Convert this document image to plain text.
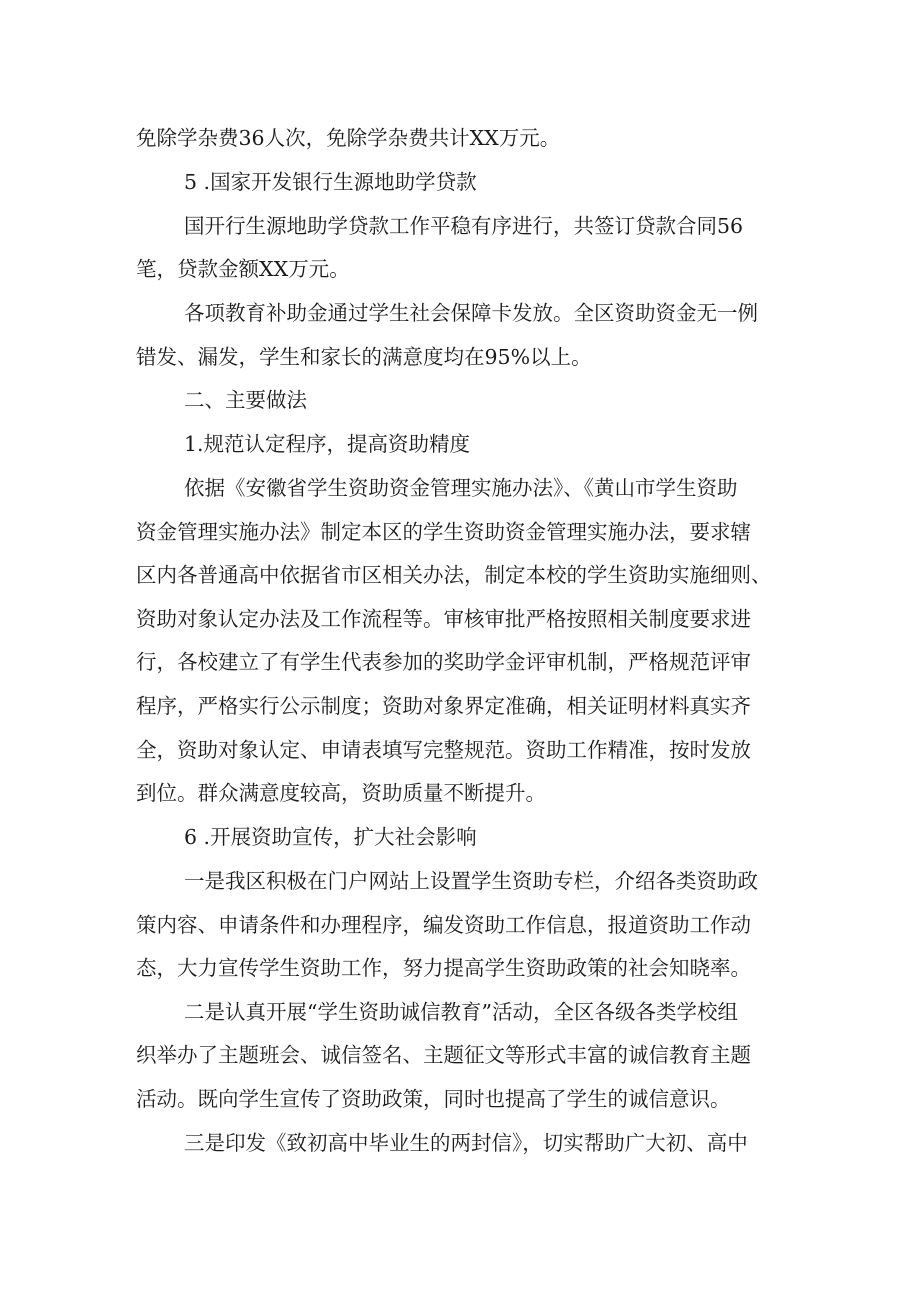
免除学杂费36人次，免除学杂费共计XX万元。
5 .国家开发银行生源地助学贷款
国开行生源地助学贷款工作平稳有序进行，共签订贷款合同56
笔，贷款金额XX万元。
各项教育补助金通过学生社会保障卡发放。全区资助资金无一例
错发、漏发，学生和家长的满意度均在95%以上。
二、主要做法
1.规范认定程序，提高资助精度
依据《安徽省学生资助资金管理实施办法》、《黄山市学生资助
资金管理实施办法》制定本区的学生资助资金管理实施办法，要求辖
区内各普通高中依据省市区相关办法，制定本校的学生资助实施细则、
资助对象认定办法及工作流程等。审核审批严格按照相关制度要求进
行，各校建立了有学生代表参加的奖助学金评审机制，严格规范评审
程序，严格实行公示制度；资助对象界定准确，相关证明材料真实齐
全，资助对象认定、申请表填写完整规范。资助工作精准，按时发放
到位。群众满意度较高，资助质量不断提升。
6 .开展资助宣传，扩大社会影响
一是我区积极在门户网站上设置学生资助专栏，介绍各类资助政
策内容、申请条件和办理程序，编发资助工作信息，报道资助工作动
态，大力宣传学生资助工作，努力提高学生资助政策的社会知晓率。
二是认真开展“学生资助诚信教育”活动，全区各级各类学校组
织举办了主题班会、诚信签名、主题征文等形式丰富的诚信教育主题
活动。既向学生宣传了资助政策，同时也提高了学生的诚信意识。
三是印发《致初高中毕业生的两封信》，切实帮助广大初、高中
